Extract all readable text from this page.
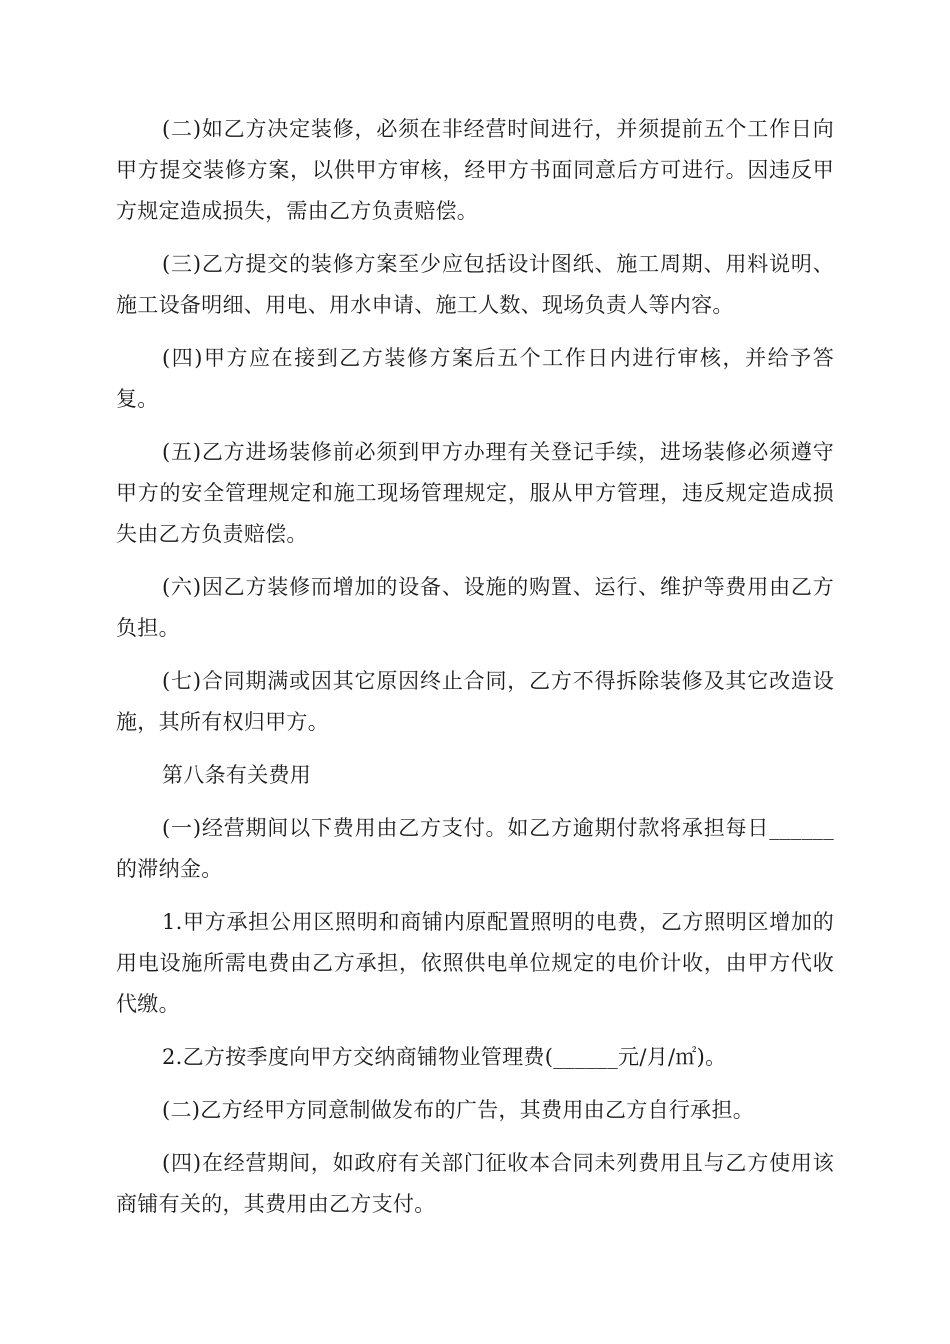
(二)如乙方决定装修，必须在非经营时间进行，并须提前五个工作日向甲方提交装修方案，以供甲方审核，经甲方书面同意后方可进行。因违反甲方规定造成损失，需由乙方负责赔偿。

(三)乙方提交的装修方案至少应包括设计图纸、施工周期、用料说明、施工设备明细、用电、用水申请、施工人数、现场负责人等内容。

(四)甲方应在接到乙方装修方案后五个工作日内进行审核，并给予答复。

(五)乙方进场装修前必须到甲方办理有关登记手续，进场装修必须遵守甲方的安全管理规定和施工现场管理规定，服从甲方管理，违反规定造成损失由乙方负责赔偿。

(六)因乙方装修而增加的设备、设施的购置、运行、维护等费用由乙方负担。

(七)合同期满或因其它原因终止合同，乙方不得拆除装修及其它改造设施，其所有权归甲方。

第八条有关费用

(一)经营期间以下费用由乙方支付。如乙方逾期付款将承担每日______的滞纳金。

1.甲方承担公用区照明和商铺内原配置照明的电费，乙方照明区增加的用电设施所需电费由乙方承担，依照供电单位规定的电价计收，由甲方代收代缴。

2.乙方按季度向甲方交纳商铺物业管理费(______元/月/㎡)。

(二)乙方经甲方同意制做发布的广告，其费用由乙方自行承担。

(四)在经营期间，如政府有关部门征收本合同未列费用且与乙方使用该商铺有关的，其费用由乙方支付。
